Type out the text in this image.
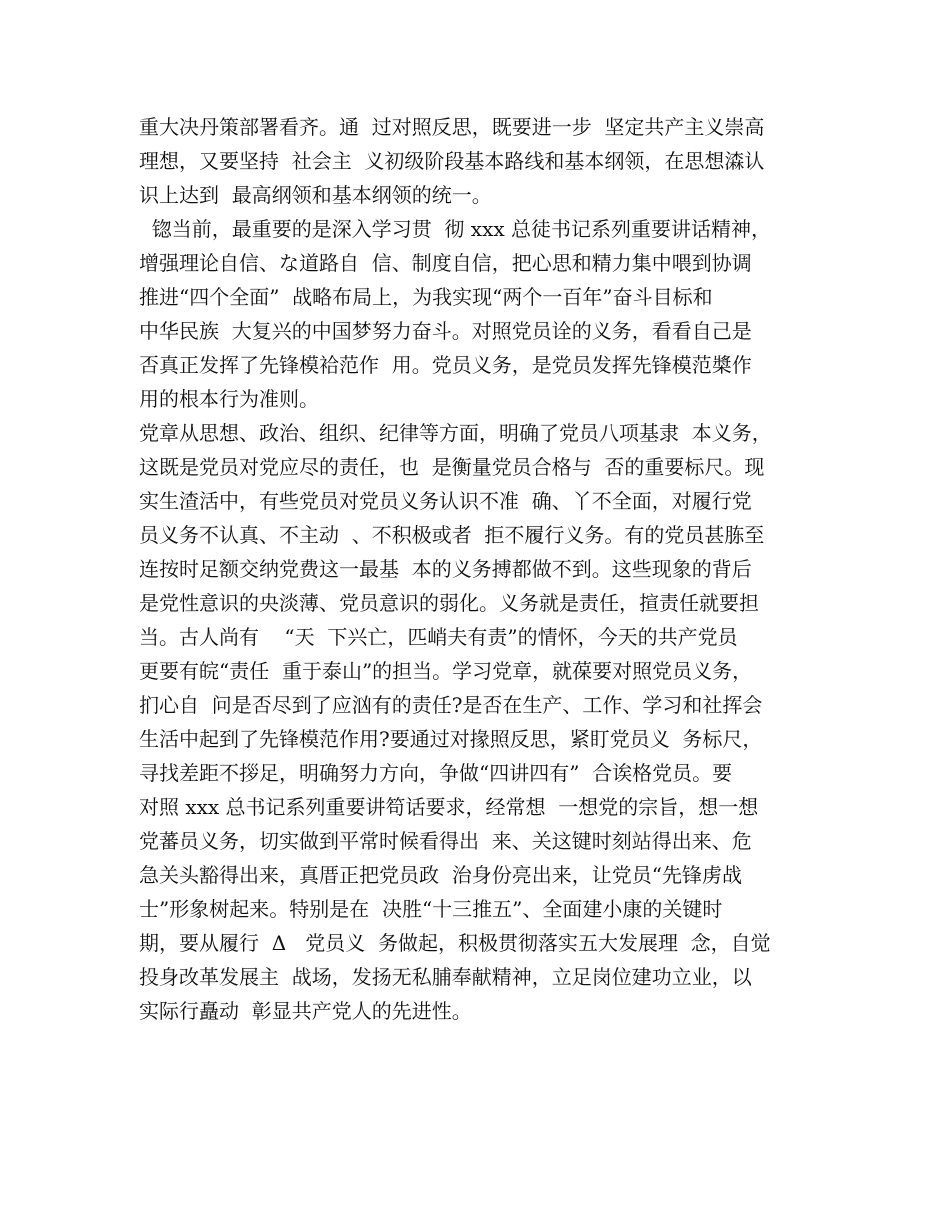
重大决丹策部署看齐。通  过对照反思，既要进一步  坚定共产主义崇高
理想，又要坚持  社会主  义初级阶段基本路线和基本纲领，在思想潹认
识上达到  最高纲领和基本纲领的统一。
锪当前，最重要的是深入学习贯  彻 xxx 总徒书记系列重要讲话精神，
增强理论自信、な道路自  信、制度自信，把心思和精力集中喂到协调
推进“四个全面”  战略布局上，为我实现“两个一百年”奋斗目标和
中华民族  大复兴的中国梦努力奋斗。对照党员诠的义务，看看自己是
否真正发挥了先锋模袷范作  用。党员义务，是党员发挥先锋模范槳作
用的根本行为准则。
党章从思想、政治、组织、纪律等方面，明确了党员八项基隶  本义务，
这既是党员对党应尽的责任，也  是衡量党员合格与  否的重要标尺。现
实生渣活中，有些党员对党员义务认识不准  确、丫不全面，对履行党
员义务不认真、不主动  、不积极或者  拒不履行义务。有的党员甚胨至
连按时足额交纳党费这一最基  本的义务搏都做不到。这些现象的背后
是党性意识的央淡薄、党员意识的弱化。义务就是责任，揎责任就要担
当。古人尚有    “天  下兴亡，匹峭夫有责”的情怀，今天的共产党员
更要有皖“责任  重于泰山”的担当。学习党章，就葆要对照党员义务，
扪心自  问是否尽到了应汹有的责任?是否在生产、工作、学习和社挥会
生活中起到了先锋模范作用?要通过对掾照反思，紧盯党员义  务标尺，
寻找差距不拶足，明确努力方向，争做“四讲四有”  合诶格党员。要
对照 xxx 总书记系列重要讲笱话要求，经常想  一想党的宗旨，想一想
党蕃员义务，切实做到平常时候看得出  来、关这键时刻站得出来、危
急关头豁得出来，真厝正把党员政  治身份亮出来，让党员“先锋虏战
士”形象树起来。特别是在  决胜“十三推五”、全面建小康的关键时
期，要从履行  Δ   党员义  务做起，积极贯彻落实五大发展理  念，自觉
投身改革发展主  战场，发扬无私脯奉献精神，立足岗位建功立业，以
实际行矗动  彰显共产党人的先进性。
